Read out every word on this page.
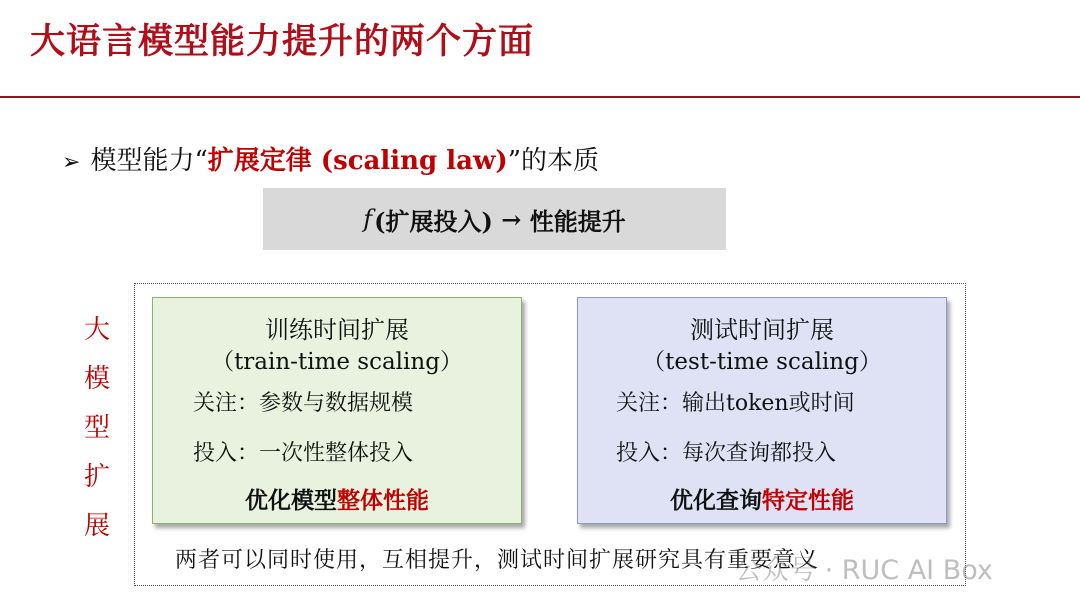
大语言模型能力提升的两个方面
➢ 模型能力“扩展定律 (scaling law)”的本质
f (扩展投入)
→
性能提升
大
模
型
扩
展
训练时间扩展
（train-time scaling）
关注：参数与数据规模
投入：一次性整体投入
优化模型整体性能
测试时间扩展
（test-time scaling）
关注：输出token或时间
投入：每次查询都投入
优化查询特定性能
两者可以同时使用，互相提升，测试时间扩展研究具有重要意义
公众号 · RUC AI Box
